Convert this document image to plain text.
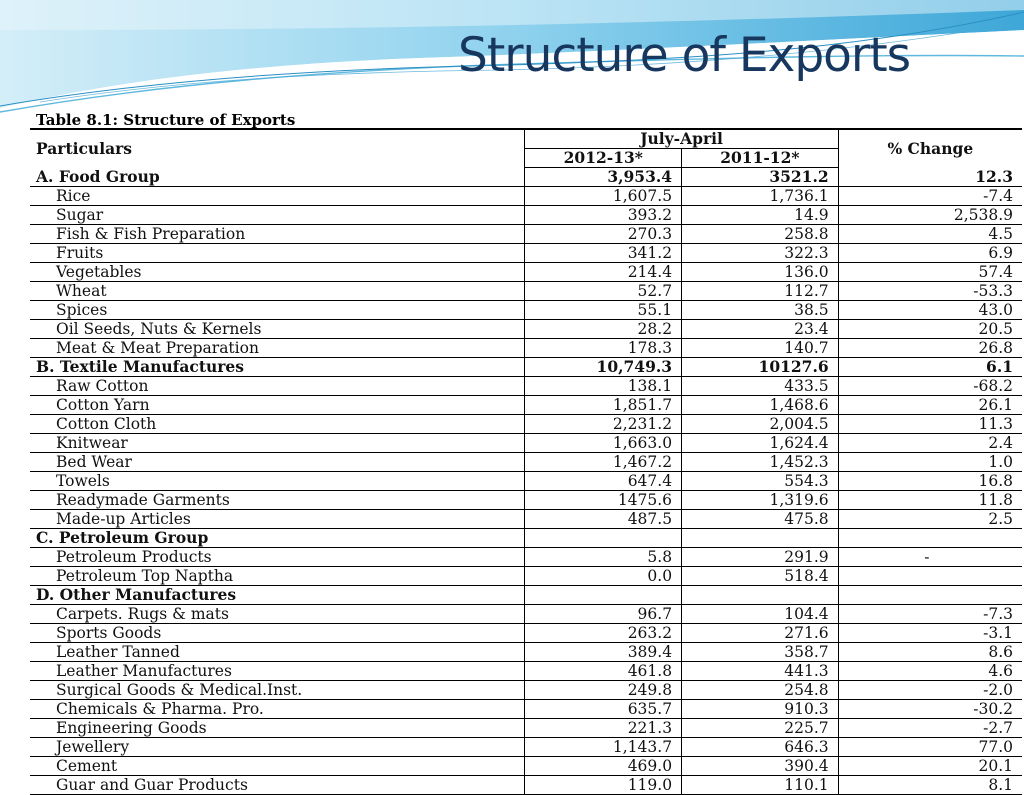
Structure of Exports
Table 8.1: Structure of Exports
Particulars	July-April		% Change
	2012-13*	2011-12*	
A. Food Group	3,953.4	3521.2	12.3
Rice	1,607.5	1,736.1	-7.4
Sugar	393.2	14.9	2,538.9
Fish & Fish Preparation	270.3	258.8	4.5
Fruits	341.2	322.3	6.9
Vegetables	214.4	136.0	57.4
Wheat	52.7	112.7	-53.3
Spices	55.1	38.5	43.0
Oil Seeds, Nuts & Kernels	28.2	23.4	20.5
Meat & Meat Preparation	178.3	140.7	26.8
B. Textile Manufactures	10,749.3	10127.6	6.1
Raw Cotton	138.1	433.5	-68.2
Cotton Yarn	1,851.7	1,468.6	26.1
Cotton Cloth	2,231.2	2,004.5	11.3
Knitwear	1,663.0	1,624.4	2.4
Bed Wear	1,467.2	1,452.3	1.0
Towels	647.4	554.3	16.8
Readymade Garments	1475.6	1,319.6	11.8
Made-up Articles	487.5	475.8	2.5
C. Petroleum Group			
Petroleum Products	5.8	291.9	-
Petroleum Top Naptha	0.0	518.4	
D. Other Manufactures			
Carpets. Rugs & mats	96.7	104.4	-7.3
Sports Goods	263.2	271.6	-3.1
Leather Tanned	389.4	358.7	8.6
Leather Manufactures	461.8	441.3	4.6
Surgical Goods & Medical.Inst.	249.8	254.8	-2.0
Chemicals & Pharma. Pro.	635.7	910.3	-30.2
Engineering Goods	221.3	225.7	-2.7
Jewellery	1,143.7	646.3	77.0
Cement	469.0	390.4	20.1
Guar and Guar Products	119.0	110.1	8.1
